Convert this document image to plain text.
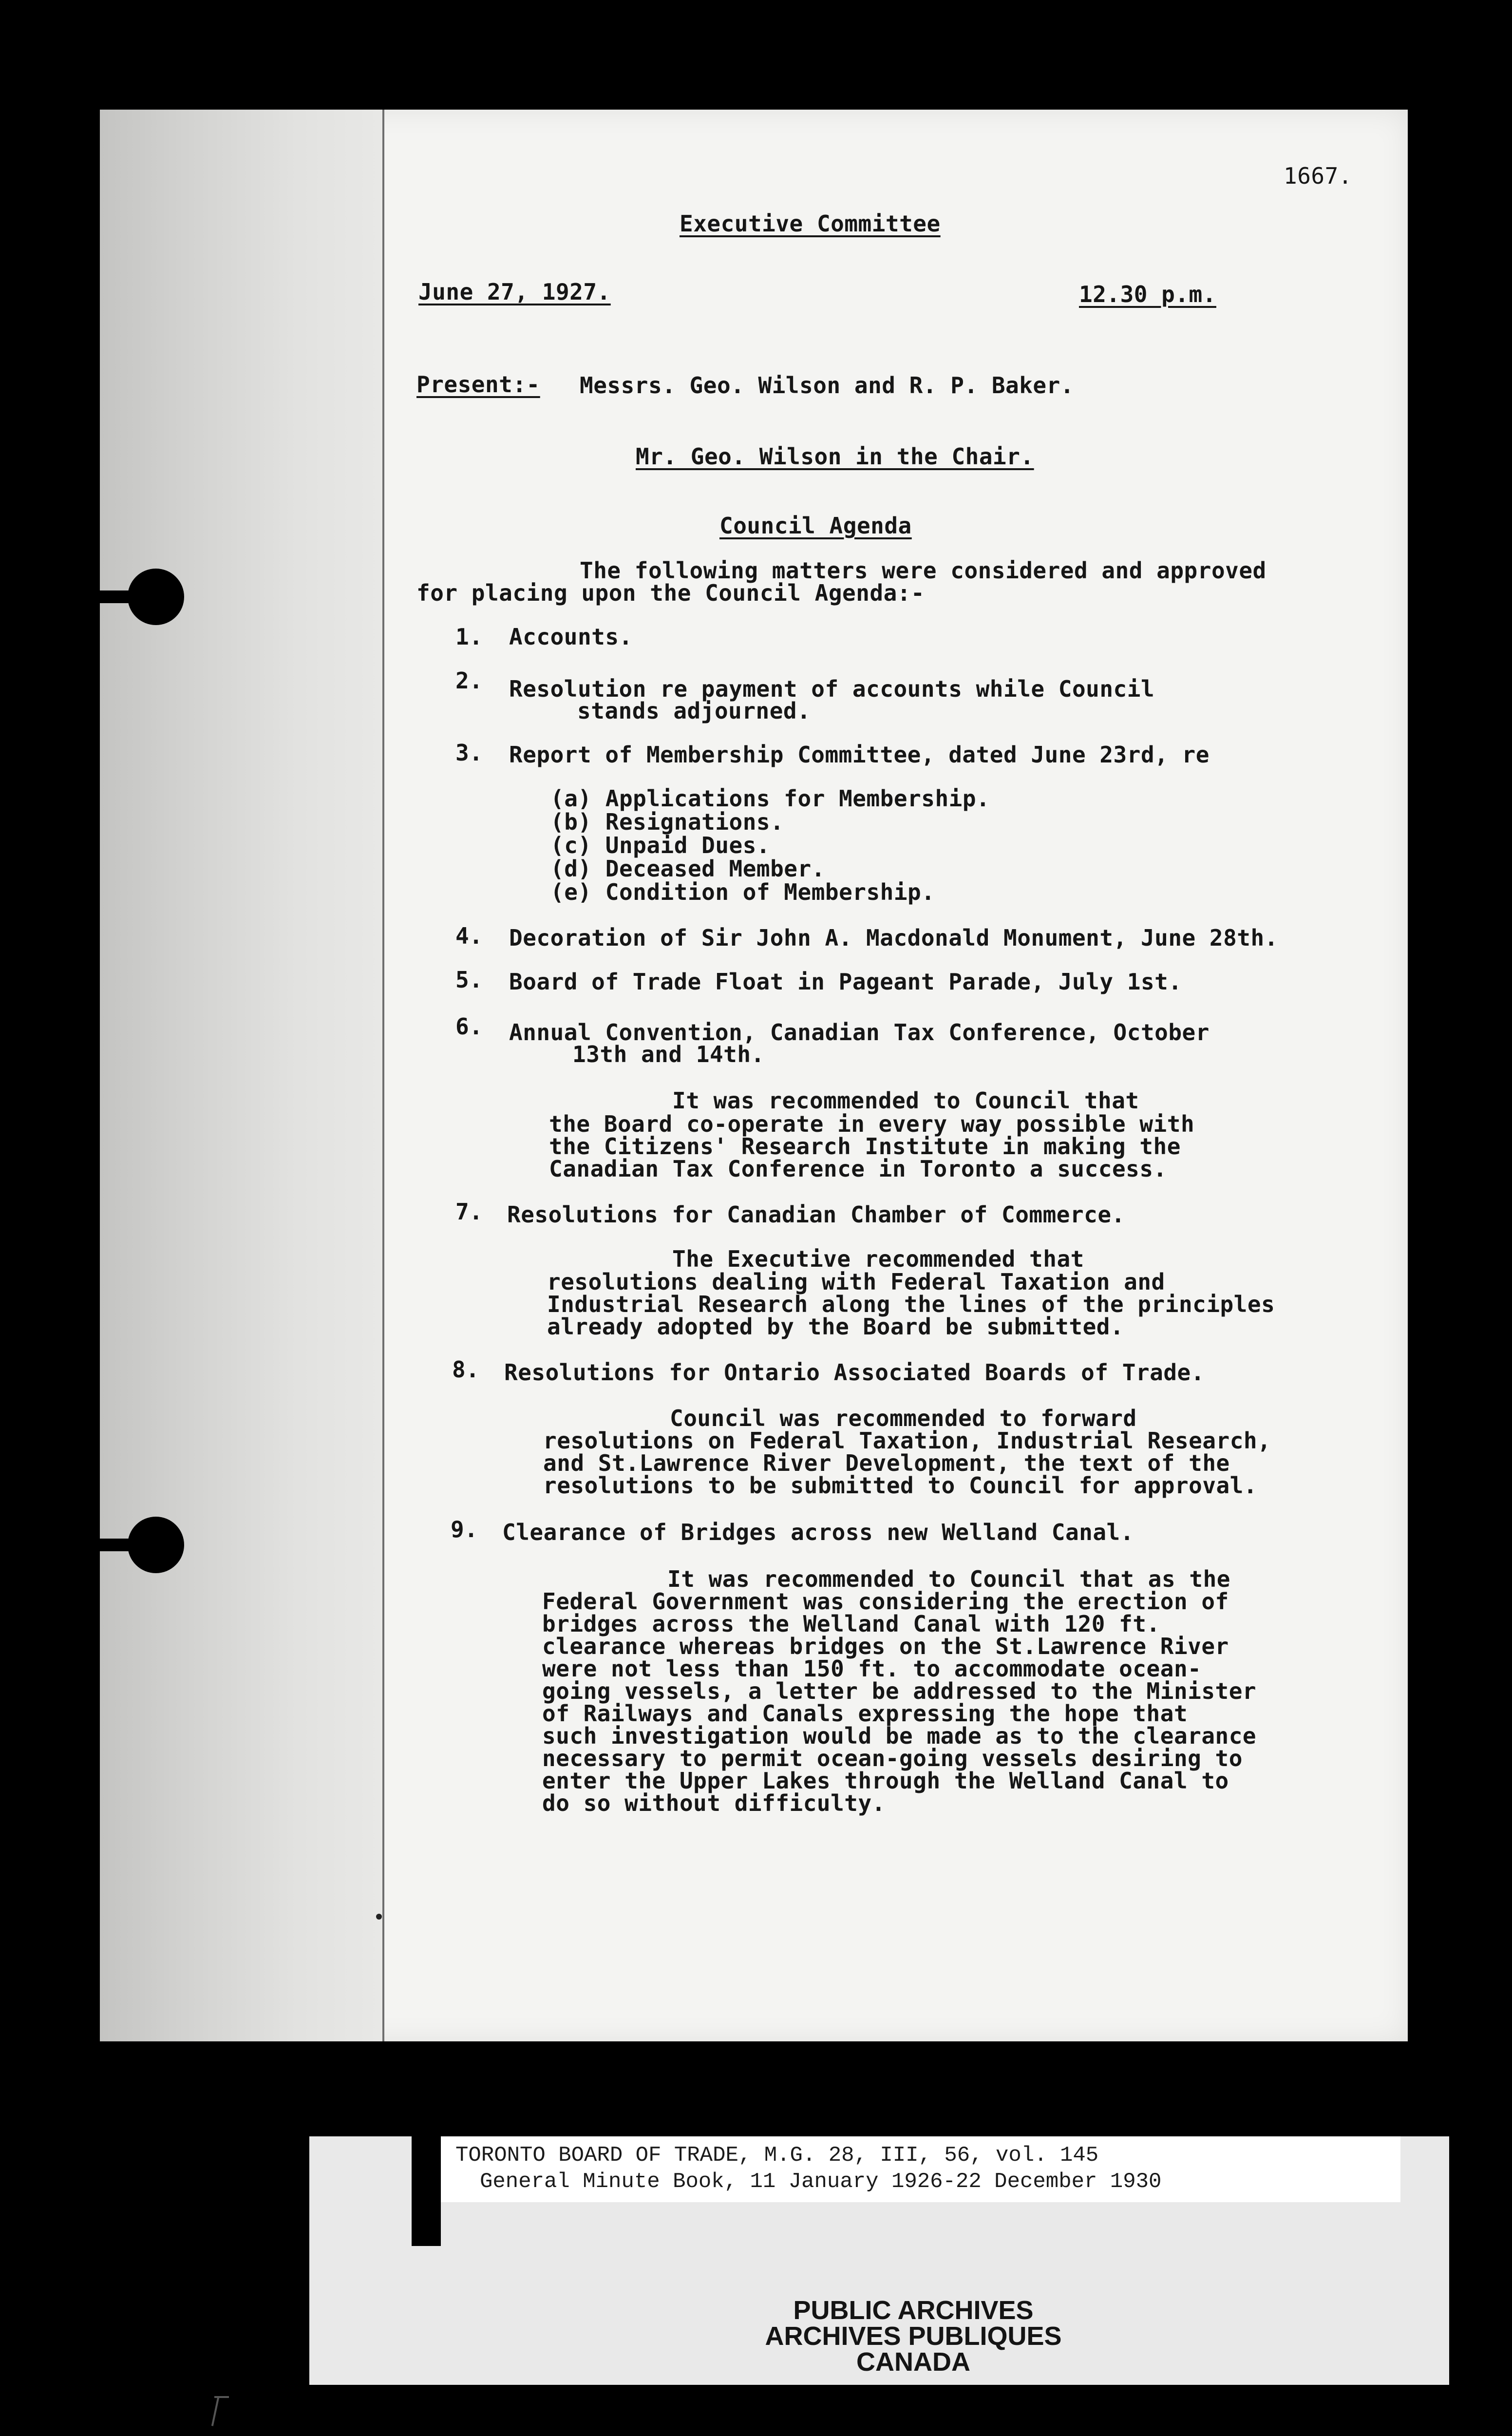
1667.
Executive Committee
June 27, 1927.	12.30 p.m.
Present:- Messrs. Geo. Wilson and R. P. Baker.
Mr. Geo. Wilson in the Chair.
Council Agenda
The following matters were considered and approved
for placing upon the Council Agenda:-
1. Accounts.
2. Resolution re payment of accounts while Council
stands adjourned.
3. Report of Membership Committee, dated June 23rd, re
(a) Applications for Membership.
(b) Resignations.
(c) Unpaid Dues.
(d) Deceased Member.
(e) Condition of Membership.
4. Decoration of Sir John A. Macdonald Monument, June 28th.
5. Board of Trade Float in Pageant Parade, July 1st.
6. Annual Convention, Canadian Tax Conference, October
13th and 14th.
It was recommended to Council that
the Board co-operate in every way possible with
the Citizens' Research Institute in making the
Canadian Tax Conference in Toronto a success.
7. Resolutions for Canadian Chamber of Commerce.
The Executive recommended that
resolutions dealing with Federal Taxation and
Industrial Research along the lines of the principles
already adopted by the Board be submitted.
8. Resolutions for Ontario Associated Boards of Trade.
Council was recommended to forward
resolutions on Federal Taxation, Industrial Research,
and St.Lawrence River Development, the text of the
resolutions to be submitted to Council for approval.
9. Clearance of Bridges across new Welland Canal.
It was recommended to Council that as the
Federal Government was considering the erection of
bridges across the Welland Canal with 120 ft.
clearance whereas bridges on the St.Lawrence River
were not less than 150 ft. to accommodate ocean-
going vessels, a letter be addressed to the Minister
of Railways and Canals expressing the hope that
such investigation would be made as to the clearance
necessary to permit ocean-going vessels desiring to
enter the Upper Lakes through the Welland Canal to
do so without difficulty.
TORONTO BOARD OF TRADE, M.G. 28, III, 56, vol. 145
General Minute Book, 11 January 1926-22 December 1930
PUBLIC ARCHIVES
ARCHIVES PUBLIQUES
CANADA
